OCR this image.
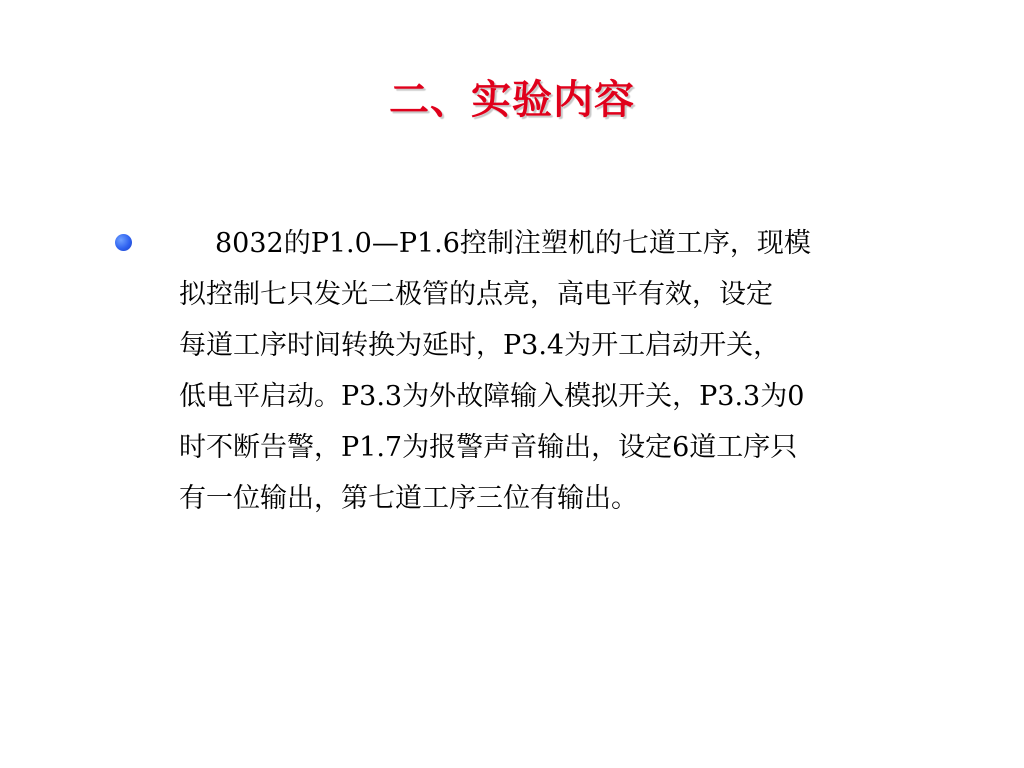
二、实验内容
8032的P1.0—P1.6控制注塑机的七道工序，现模
拟控制七只发光二极管的点亮，高电平有效，设定
每道工序时间转换为延时，P3.4为开工启动开关，
低电平启动。P3.3为外故障输入模拟开关，P3.3为0
时不断告警，P1.7为报警声音输出，设定6道工序只
有一位输出，第七道工序三位有输出。
